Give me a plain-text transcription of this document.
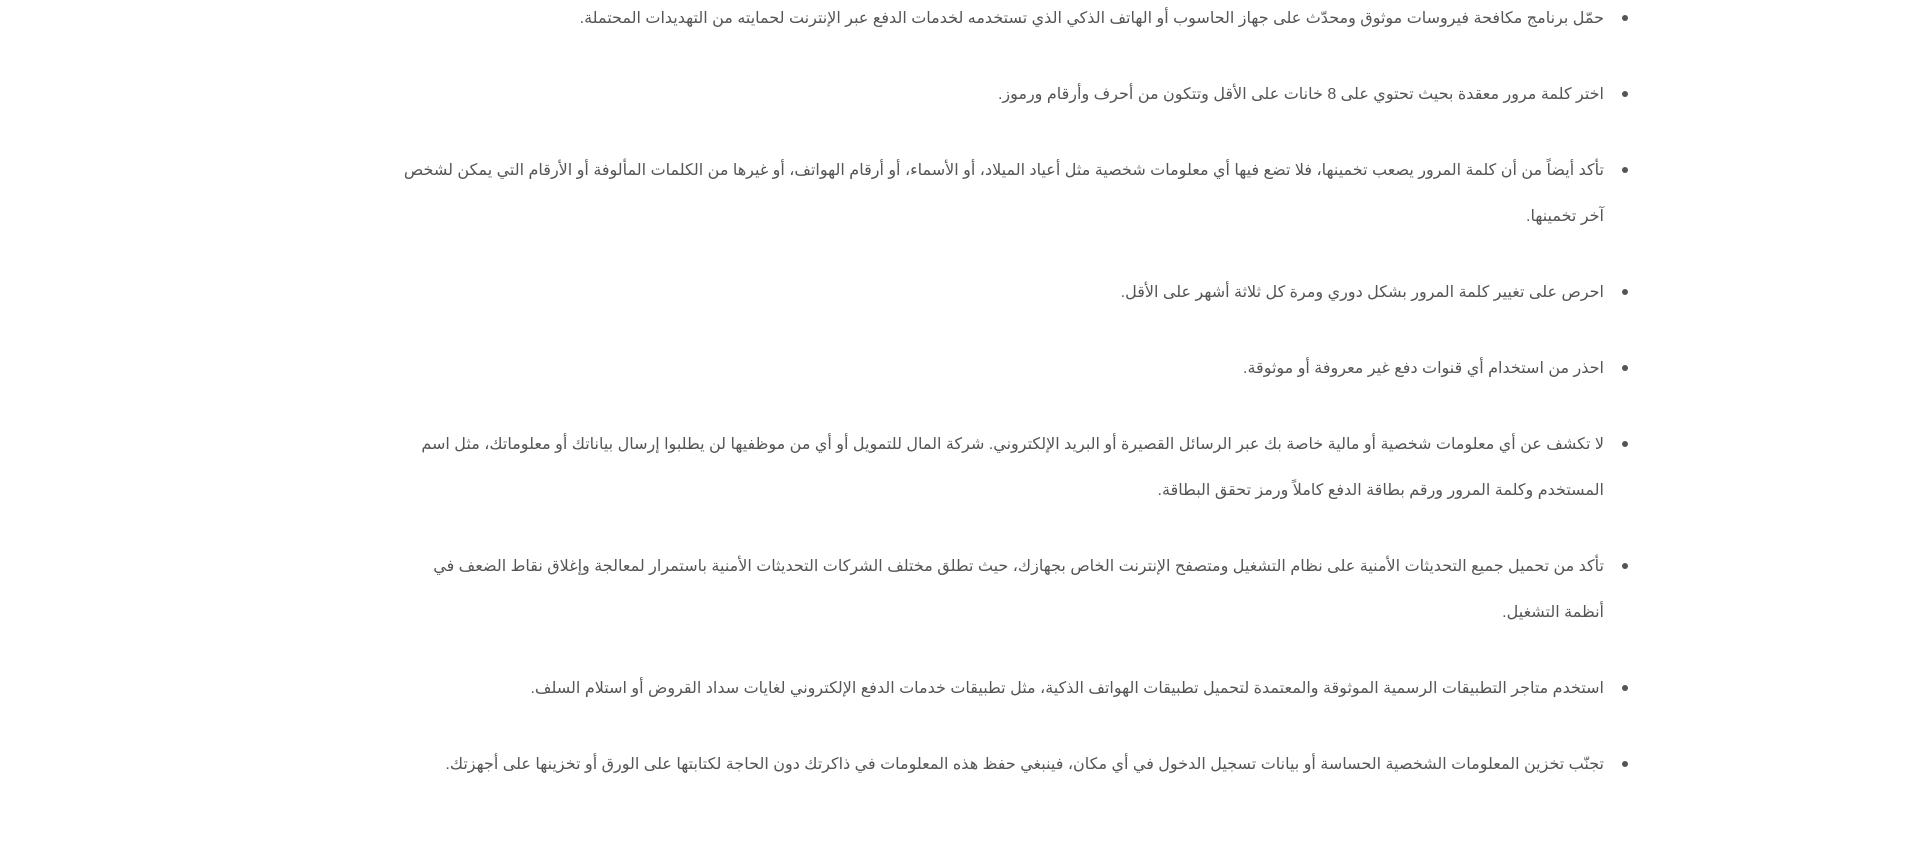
حمّل برنامج مكافحة فيروسات موثوق ومحدّث على جهاز الحاسوب أو الهاتف الذكي الذي تستخدمه لخدمات الدفع عبر الإنترنت لحمايته من التهديدات المحتملة.
اختر كلمة مرور معقدة بحيث تحتوي على 8 خانات على الأقل وتتكون من أحرف وأرقام ورموز.
تأكد أيضاً من أن كلمة المرور يصعب تخمينها، فلا تضع فيها أي معلومات شخصية مثل أعياد الميلاد، أو الأسماء، أو أرقام الهواتف، أو غيرها من الكلمات المألوفة أو الأرقام التي يمكن لشخص آخر تخمينها.
احرص على تغيير كلمة المرور بشكل دوري ومرة كل ثلاثة أشهر على الأقل.
احذر من استخدام أي قنوات دفع غير معروفة أو موثوقة.
لا تكشف عن أي معلومات شخصية أو مالية خاصة بك عبر الرسائل القصيرة أو البريد الإلكتروني. شركة المال للتمويل أو أي من موظفيها لن يطلبوا إرسال بياناتك أو معلوماتك، مثل اسم المستخدم وكلمة المرور ورقم بطاقة الدفع كاملاً ورمز تحقق البطاقة.
تأكد من تحميل جميع التحديثات الأمنية على نظام التشغيل ومتصفح الإنترنت الخاص بجهازك، حيث تطلق مختلف الشركات التحديثات الأمنية باستمرار لمعالجة وإغلاق نقاط الضعف في أنظمة التشغيل.
استخدم متاجر التطبيقات الرسمية الموثوقة والمعتمدة لتحميل تطبيقات الهواتف الذكية، مثل تطبيقات خدمات الدفع الإلكتروني لغايات سداد القروض أو استلام السلف.
تجنّب تخزين المعلومات الشخصية الحساسة أو بيانات تسجيل الدخول في أي مكان، فينبغي حفظ هذه المعلومات في ذاكرتك دون الحاجة لكتابتها على الورق أو تخزينها على أجهزتك.
